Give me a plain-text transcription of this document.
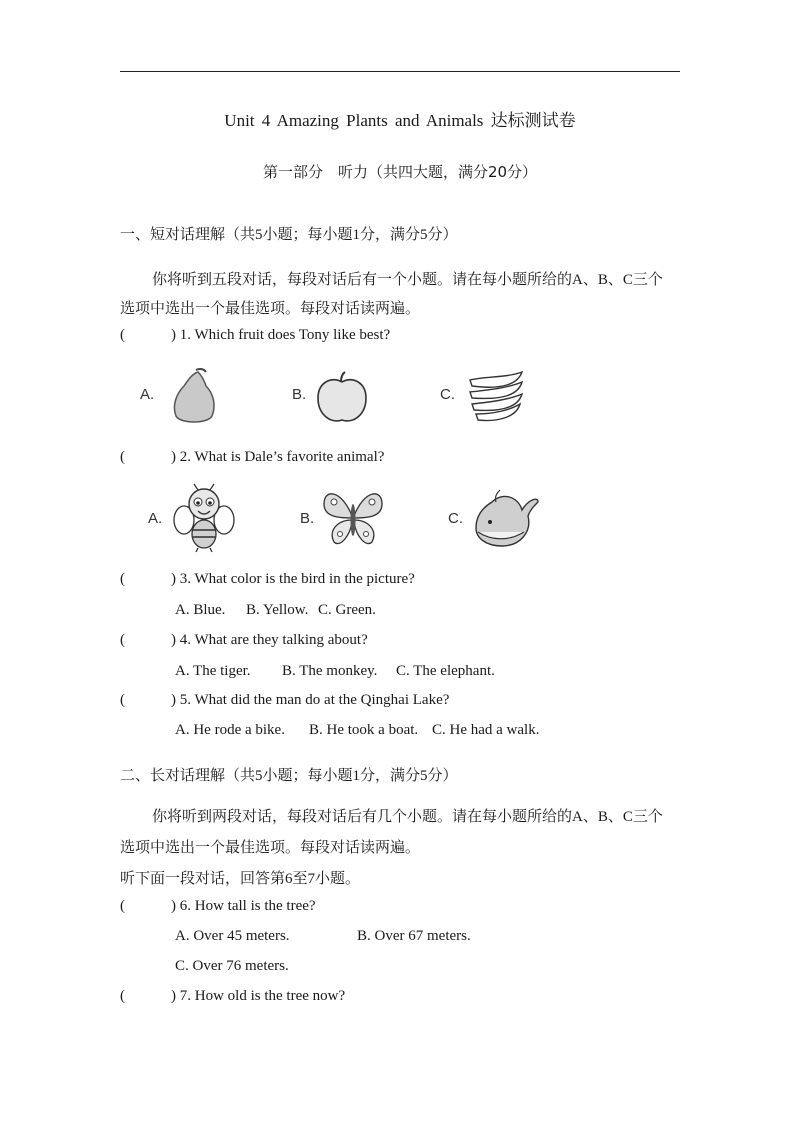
Unit 4 Amazing Plants and Animals 达标测试卷
第一部分　听力（共四大题，满分20分）
一、短对话理解（共5小题；每小题1分，满分5分）
你将听到五段对话，每段对话后有一个小题。请在每小题所给的A、B、C三个
选项中选出一个最佳选项。每段对话读两遍。
(	) 1. Which fruit does Tony like best?
A.	B.	C.
(	) 2. What is Dale’s favorite animal?
A.	B.	C.
(	) 3. What color is the bird in the picture?
A. Blue. B. Yellow. C. Green.
(	) 4. What are they talking about?
A. The tiger. B. The monkey. C. The elephant.
(	) 5. What did the man do at the Qinghai Lake?
A. He rode a bike. B. He took a boat. C. He had a walk.
二、长对话理解（共5小题；每小题1分，满分5分）
你将听到两段对话，每段对话后有几个小题。请在每小题所给的A、B、C三个
选项中选出一个最佳选项。每段对话读两遍。
听下面一段对话，回答第6至7小题。
(	) 6. How tall is the tree?
A. Over 45 meters.	B. Over 67 meters.
C. Over 76 meters.
(	) 7. How old is the tree now?
